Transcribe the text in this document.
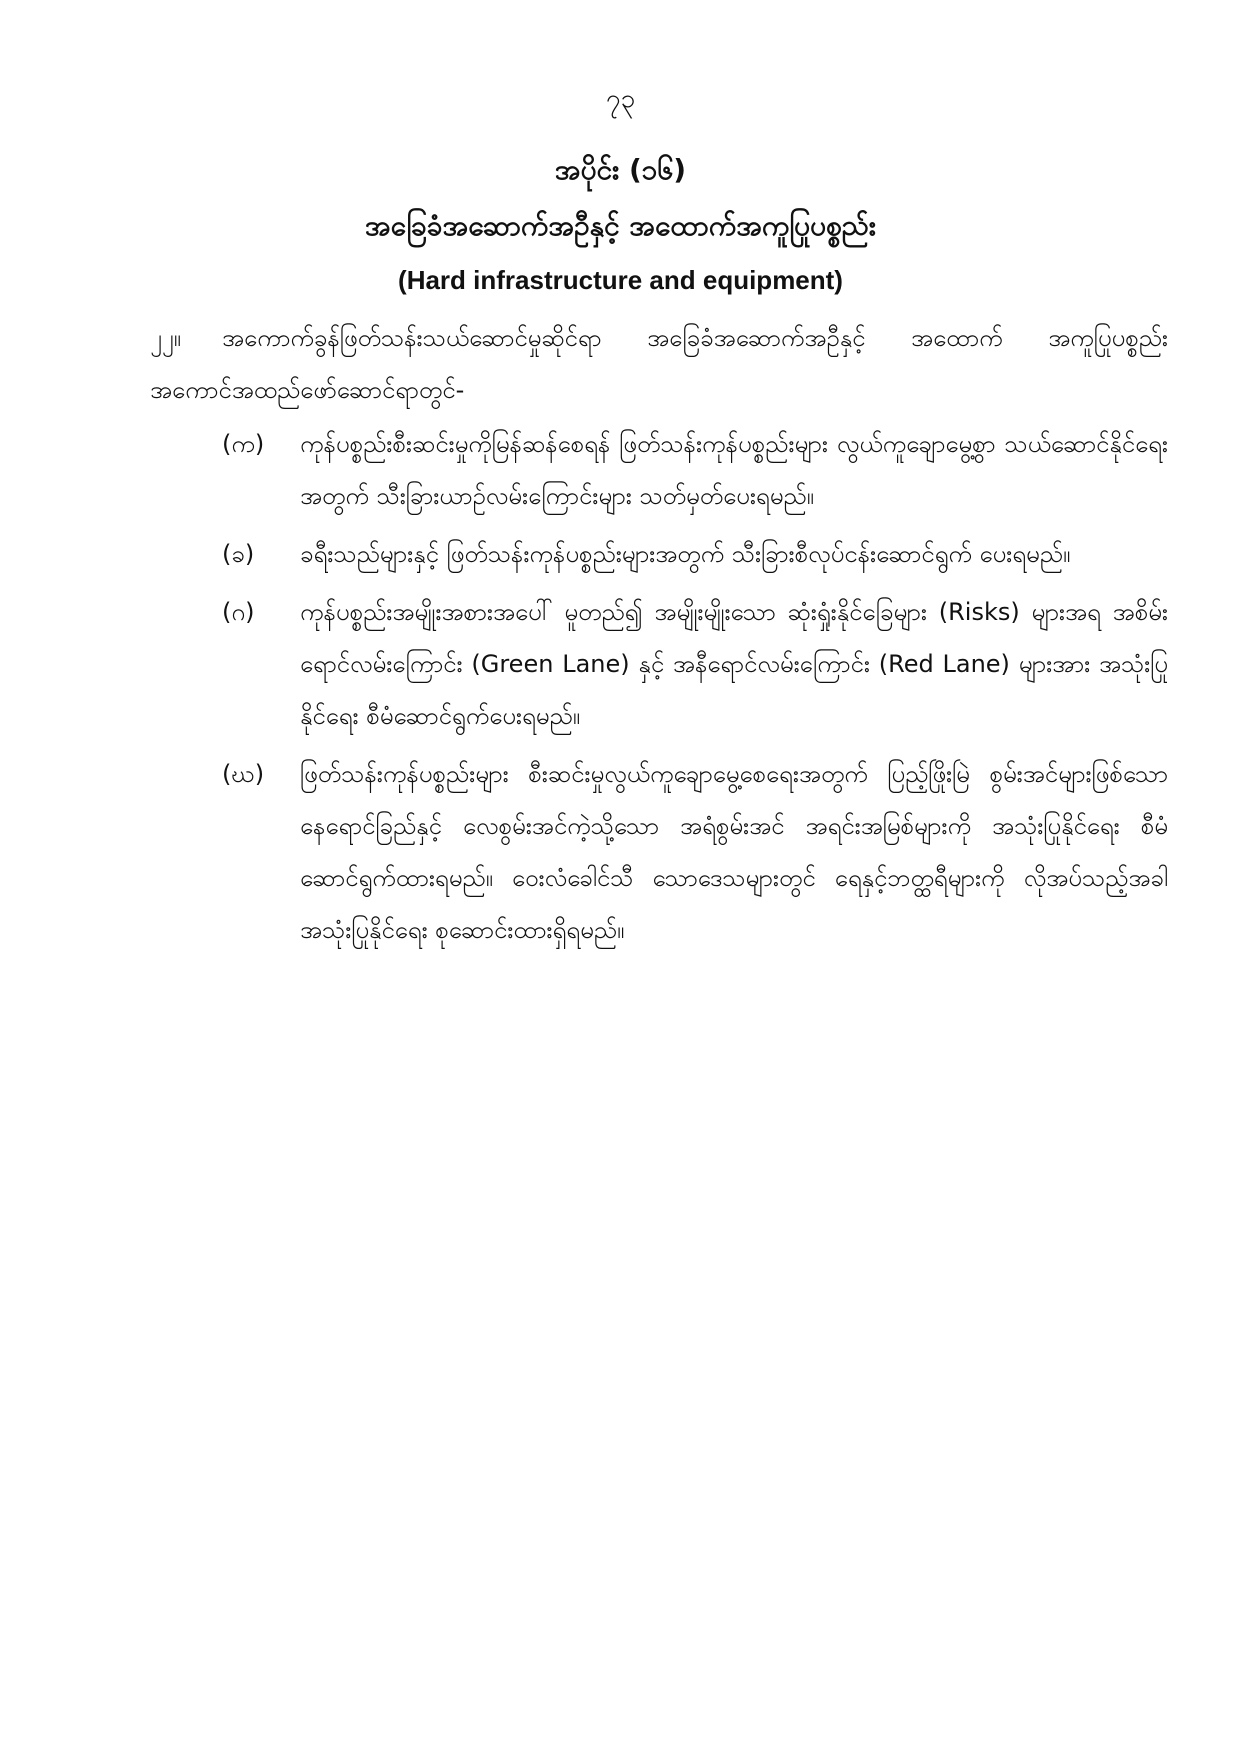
၇၃
အပိုင်း (၁၆)
အခြေခံအဆောက်အဦနှင့် အထောက်အကူပြုပစ္စည်း
(Hard infrastructure and equipment)
၂၂။ အကောက်ခွန်ဖြတ်သန်းသယ်ဆောင်မှုဆိုင်ရာ အခြေခံအဆောက်အဦနှင့် အထောက် အကူပြုပစ္စည်း အကောင်အထည်ဖော်ဆောင်ရာတွင်-
(က)	ကုန်ပစ္စည်းစီးဆင်းမှုကိုမြန်ဆန်စေရန် ဖြတ်သန်းကုန်ပစ္စည်းများ လွယ်ကူချောမွေ့စွာ သယ်ဆောင်နိုင်ရေးအတွက် သီးခြားယာဉ်လမ်းကြောင်းများ သတ်မှတ်ပေးရမည်။
(ခ)	ခရီးသည်များနှင့် ဖြတ်သန်းကုန်ပစ္စည်းများအတွက် သီးခြားစီလုပ်ငန်းဆောင်ရွက် ပေးရမည်။
(ဂ)	ကုန်ပစ္စည်းအမျိုးအစားအပေါ် မူတည်၍ အမျိုးမျိုးသော ဆုံးရှုံးနိုင်ခြေများ (Risks) များအရ အစိမ်းရောင်လမ်းကြောင်း (Green Lane) နှင့် အနီရောင်လမ်းကြောင်း (Red Lane) များအား အသုံးပြုနိုင်ရေး စီမံဆောင်ရွက်ပေးရမည်။
(ဃ)	ဖြတ်သန်းကုန်ပစ္စည်းများ စီးဆင်းမှုလွယ်ကူချောမွေ့စေရေးအတွက် ပြည့်ဖြိုးမြဲ စွမ်းအင်များဖြစ်သော နေရောင်ခြည်နှင့် လေစွမ်းအင်ကဲ့သို့သော အရံစွမ်းအင် အရင်းအမြစ်များကို အသုံးပြုနိုင်ရေး စီမံဆောင်ရွက်ထားရမည်။ ဝေးလံခေါင်သီ သောဒေသများတွင် ရေနှင့်ဘတ္ထရီများကို လိုအပ်သည့်အခါ အသုံးပြုနိုင်ရေး စုဆောင်းထားရှိရမည်။
